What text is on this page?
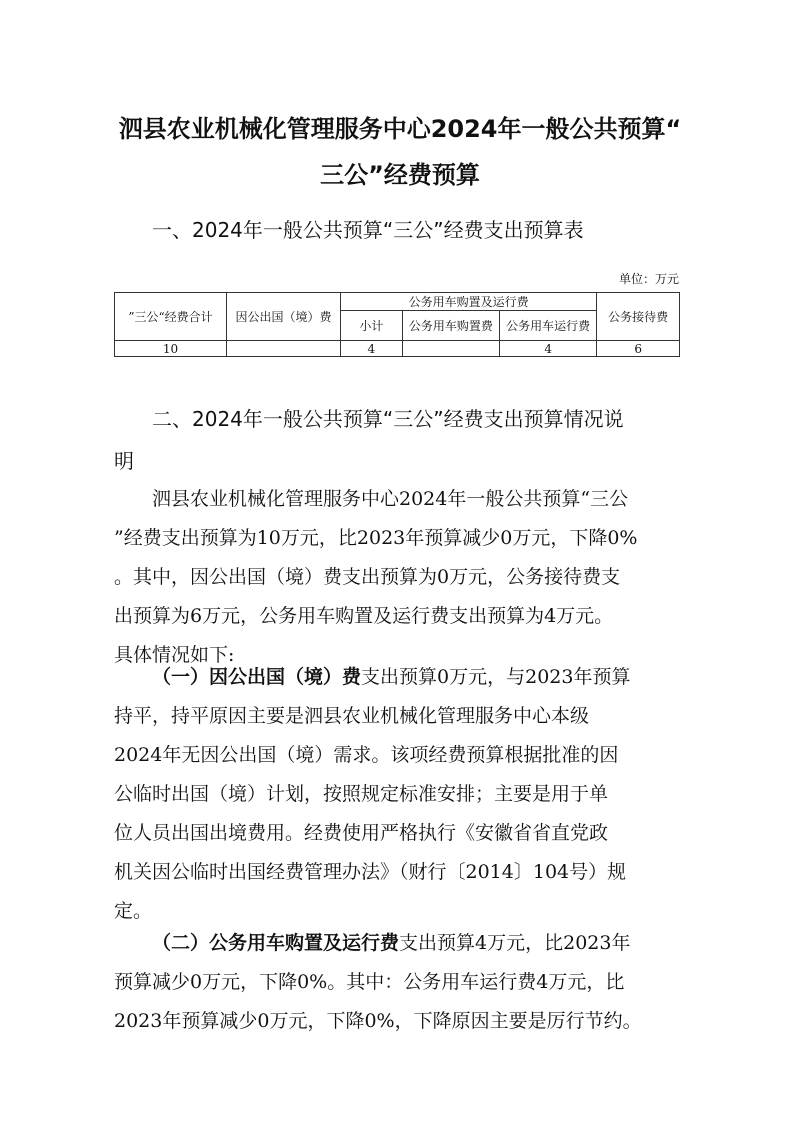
泗县农业机械化管理服务中心2024年一般公共预算“
三公”经费预算
一、2024年一般公共预算“三公”经费支出预算表
单位：万元
”三公“经费合计	因公出国（境）费	公务用车购置及运行费			公务接待费
		小计	公务用车购置费	公务用车运行费	
10		4		4	6
二、2024年一般公共预算“三公”经费支出预算情况说
明
泗县农业机械化管理服务中心2024年一般公共预算“三公
”经费支出预算为10万元，比2023年预算减少0万元，下降0%
。其中，因公出国（境）费支出预算为0万元，公务接待费支
出预算为6万元，公务用车购置及运行费支出预算为4万元。
具体情况如下:
（一）因公出国（境）费支出预算0万元，与2023年预算
持平，持平原因主要是泗县农业机械化管理服务中心本级
2024年无因公出国（境）需求。该项经费预算根据批准的因
公临时出国（境）计划，按照规定标准安排；主要是用于单
位人员出国出境费用。经费使用严格执行《安徽省省直党政
机关因公临时出国经费管理办法》（财行〔2014〕104号）规
定。
（二）公务用车购置及运行费支出预算4万元，比2023年
预算减少0万元，下降0%。其中：公务用车运行费4万元，比
2023年预算减少0万元，下降0%，下降原因主要是厉行节约。
